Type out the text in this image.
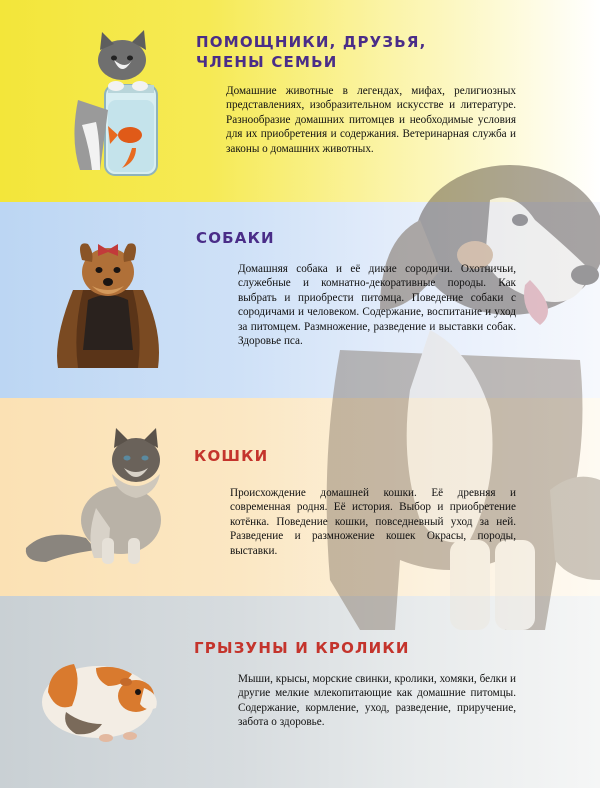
ПОМОЩНИКИ, ДРУЗЬЯ,
ЧЛЕНЫ СЕМЬИ

Домашние животные в легендах, мифах, религиозных представлениях, изобразительном искусстве и литературе. Разнообразие домашних питомцев и необходимые условия для их приобретения и содержания. Ветеринарная служба и законы о домашних животных.

СОБАКИ

Домашняя собака и её дикие сородичи. Охотничьи, служебные и комнатно-декоративные породы. Как выбрать и приобрести питомца. Поведение собаки с сородичами и человеком. Содержание, воспитание и уход за питомцем. Размножение, разведение и выставки собак. Здоровье пса.

КОШКИ

Происхождение домашней кошки. Её древняя и современная родня. Её история. Выбор и приобретение котёнка. Поведение кошки, повседневный уход за ней. Разведение и размножение кошек Окрасы, породы, выставки.

ГРЫЗУНЫ И КРОЛИКИ

Мыши, крысы, морские свинки, кролики, хомяки, белки и другие мелкие млекопитающие как домашние питомцы. Содержание, кормление, уход, разведение, приручение, забота о здоровье.
